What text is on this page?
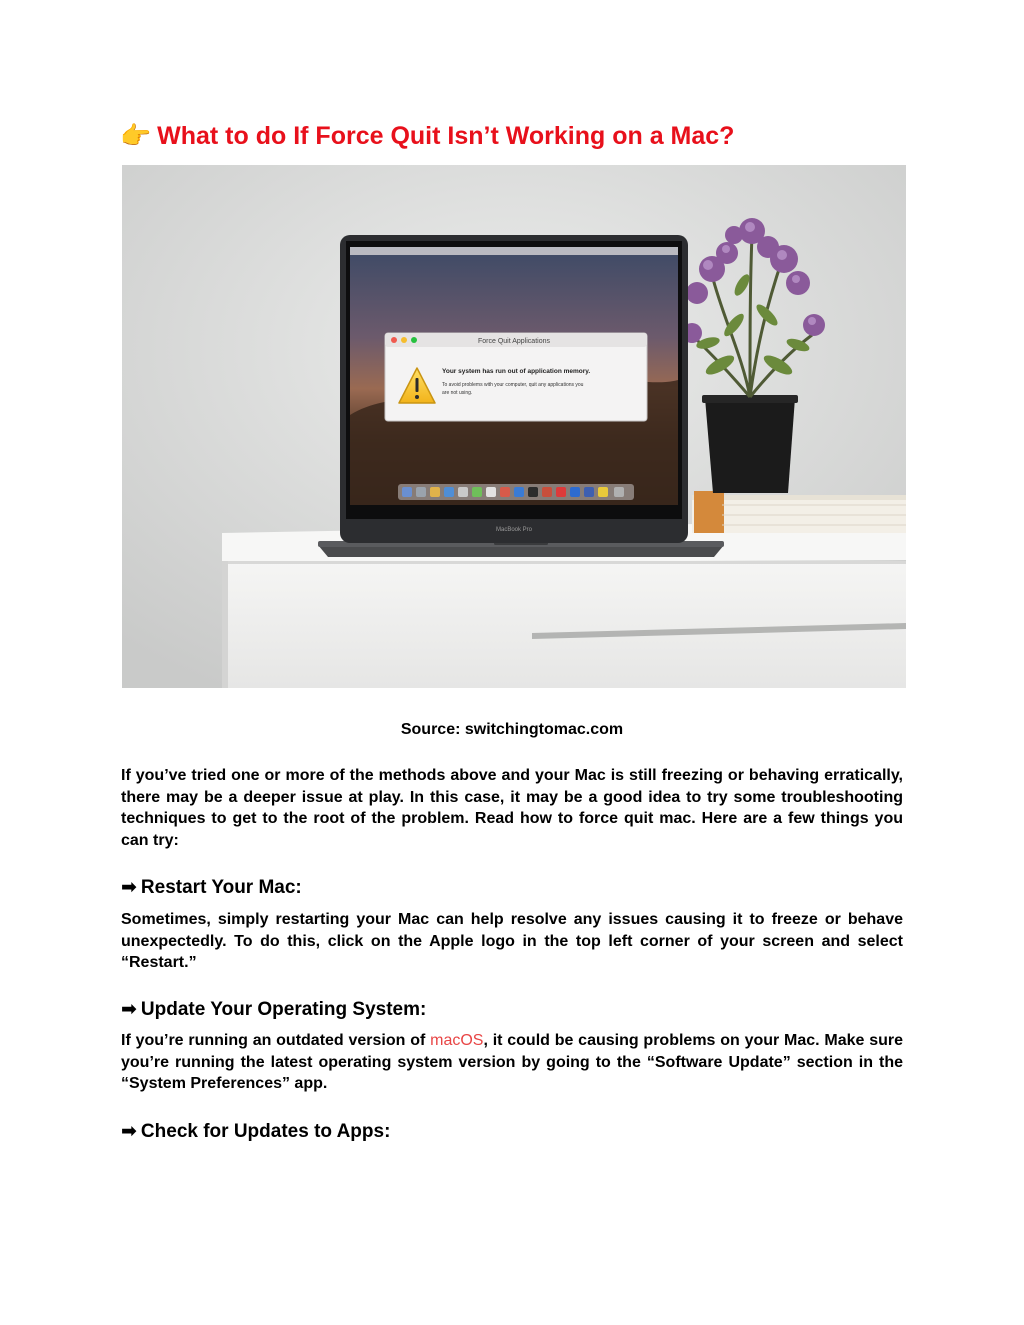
👉 What to do If Force Quit Isn’t Working on a Mac?
MacBook Pro
Force Quit Applications
Your system has run out of application memory.
To avoid problems with your computer, quit any applications you
are not using.
Source: switchingtomac.com

If you’ve tried one or more of the methods above and your Mac is still freezing or behaving erratically, there may be a deeper issue at play. In this case, it may be a good idea to try some troubleshooting techniques to get to the root of the problem. Read how to force quit mac. Here are a few things you can try:

➡ Restart Your Mac:

Sometimes, simply restarting your Mac can help resolve any issues causing it to freeze or behave unexpectedly. To do this, click on the Apple logo in the top left corner of your screen and select “Restart.”

➡ Update Your Operating System:

If you’re running an outdated version of macOS, it could be causing problems on your Mac. Make sure you’re running the latest operating system version by going to the “Software Update” section in the “System Preferences” app.

➡ Check for Updates to Apps:
